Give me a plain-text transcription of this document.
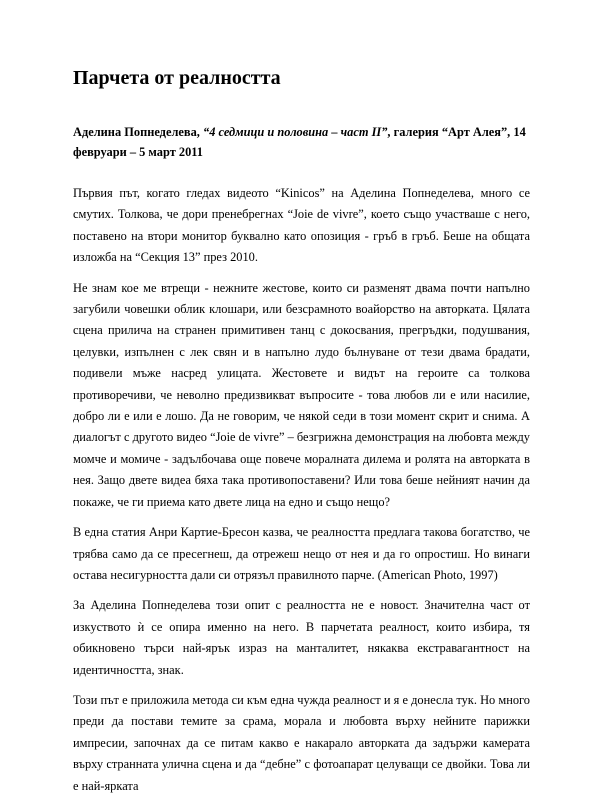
Парчета от реалността

Аделина Попнеделева, “4 седмици и половина – част II”, галерия “Арт Алея”, 14 февруари – 5 март 2011

Първия път, когато гледах видеото “Kinicos” на Аделина Попнеделева, много се смутих. Толкова, че дори пренебрегнах “Joie de vivre”, което също участваше с него, поставено на втори монитор буквално като опозиция - гръб в гръб. Беше на общата изложба на “Секция 13” през 2010.

Не знам кое ме втрещи - нежните жестове, които си разменят двама почти напълно загубили човешки облик клошари, или безсрамното воайорство на авторката. Цялата сцена прилича на странен примитивен танц с докосвания, прегръдки, подушвания, целувки, изпълнен с лек свян и в напълно лудо бълнуване от тези двама брадати, подивели мъже насред улицата. Жестовете и видът на героите са толкова противоречиви, че неволно предизвикват въпросите - това любов ли е или насилие, добро ли е или е лошо. Да не говорим, че някой седи в този момент скрит и снима. А диалогът с другото видео “Joie de vivre” – безгрижна демонстрация на любовта между момче и момиче - задълбочава още повече моралната дилема и ролята на авторката в нея. Защо двете видеа бяха така противопоставени? Или това беше нейният начин да покаже, че ги приема като двете лица на едно и също нещо?

В една статия Анри Картие-Бресон казва, че реалността предлага такова богатство, че трябва само да се пресегнеш, да отрежеш нещо от нея и да го опростиш. Но винаги остава несигурността дали си отрязъл правилното парче. (American Photo, 1997)

За Аделина Попнеделева този опит с реалността не е новост. Значителна част от изкуството ѝ се опира именно на него. В парчетата реалност, които избира, тя обикновено търси най-ярък израз на манталитет, някаква екстравагантност на идентичността, знак.

Този път е приложила метода си към една чужда реалност и я е донесла тук. Но много преди да постави темите за срама, морала и любовта върху нейните парижки импресии, започнах да се питам какво е накарало авторката да задържи камерата върху странната улична сцена и да “дебне” с фотоапарат целуващи се двойки. Това ли е най-ярката
